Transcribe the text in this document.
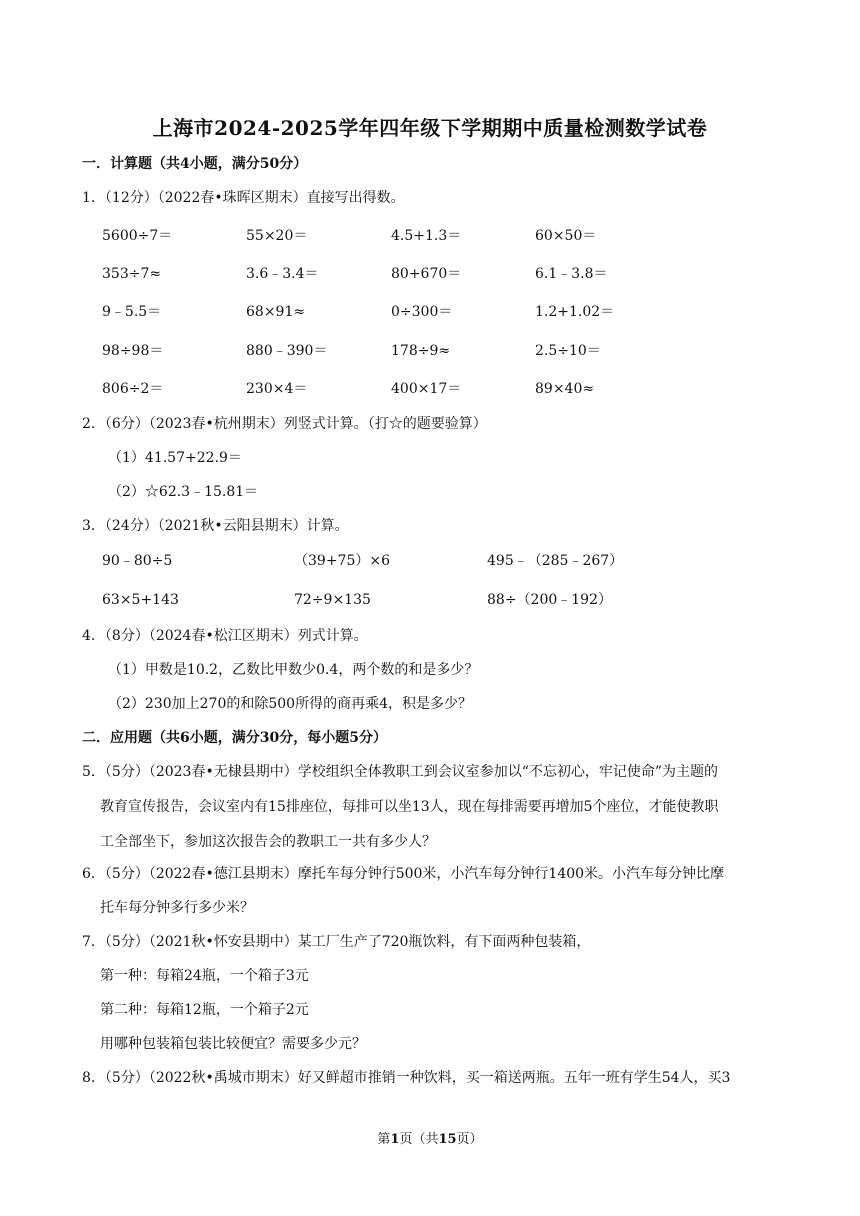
上海市2024-2025学年四年级下学期期中质量检测数学试卷
一．计算题（共4小题，满分50分）
1．（12分）（2022春•珠晖区期末）直接写出得数。
5600÷7＝	55×20＝	4.5+1.3＝	60×50＝
353÷7≈	3.6﹣3.4＝	80+670＝	6.1﹣3.8＝
9﹣5.5＝	68×91≈	0÷300＝	1.2+1.02＝
98÷98＝	880﹣390＝	178÷9≈	2.5÷10＝
806÷2＝	230×4＝	400×17＝	89×40≈
2．（6分）（2023春•杭州期末）列竖式计算。（打☆的题要验算）
（1）41.57+22.9＝
（2）☆62.3﹣15.81＝
3．（24分）（2021秋•云阳县期末）计算。
90﹣80÷5	（39+75）×6	495﹣（285﹣267）
63×5+143	72÷9×135	88÷（200﹣192）
4．（8分）（2024春•松江区期末）列式计算。
（1）甲数是10.2，乙数比甲数少0.4，两个数的和是多少？
（2）230加上270的和除500所得的商再乘4，积是多少？
二．应用题（共6小题，满分30分，每小题5分）
5．（5分）（2023春•无棣县期中）学校组织全体教职工到会议室参加以“不忘初心，牢记使命”为主题的
教育宣传报告，会议室内有15排座位，每排可以坐13人，现在每排需要再增加5个座位，才能使教职
工全部坐下，参加这次报告会的教职工一共有多少人？
6．（5分）（2022春•德江县期末）摩托车每分钟行500米，小汽车每分钟行1400米。小汽车每分钟比摩
托车每分钟多行多少米？
7．（5分）（2021秋•怀安县期中）某工厂生产了720瓶饮料，有下面两种包装箱，
第一种：每箱24瓶，一个箱子3元
第二种：每箱12瓶，一个箱子2元
用哪种包装箱包装比较便宜？需要多少元？
8．（5分）（2022秋•禹城市期末）好又鲜超市推销一种饮料，买一箱送两瓶。五年一班有学生54人，买3
第1页（共15页）
